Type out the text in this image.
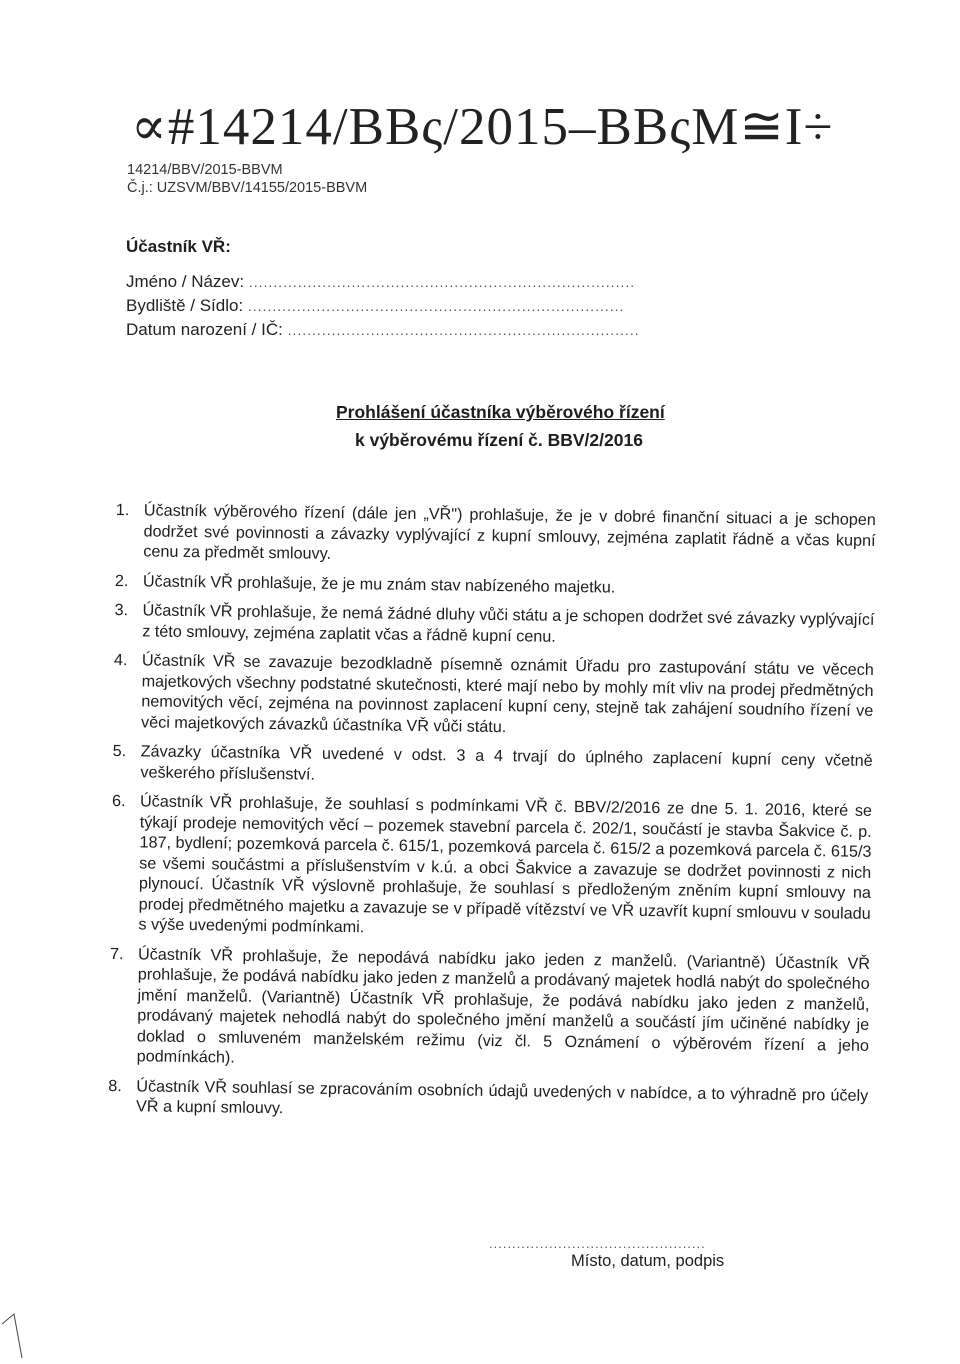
∝#14214/BBς/2015–BBςM≅I÷
14214/BBV/2015-BBVM
Č.j.: UZSVM/BBV/14155/2015-BBVM
Účastník VŘ:
Jméno / Název: ...............................................................................
Bydliště / Sídlo: .............................................................................
Datum narození / IČ: ........................................................................
Prohlášení účastníka výběrového řízení
k výběrovému řízení č. BBV/2/2016
1. Účastník výběrového řízení (dále jen „VŘ") prohlašuje, že je v dobré finanční situaci a je schopen dodržet své povinnosti a závazky vyplývající z kupní smlouvy, zejména zaplatit řádně a včas kupní cenu za předmět smlouvy.
2. Účastník VŘ prohlašuje, že je mu znám stav nabízeného majetku.
3. Účastník VŘ prohlašuje, že nemá žádné dluhy vůči státu a je schopen dodržet své závazky vyplývající z této smlouvy, zejména zaplatit včas a řádně kupní cenu.
4. Účastník VŘ se zavazuje bezodkladně písemně oznámit Úřadu pro zastupování státu ve věcech majetkových všechny podstatné skutečnosti, které mají nebo by mohly mít vliv na prodej předmětných nemovitých věcí, zejména na povinnost zaplacení kupní ceny, stejně tak zahájení soudního řízení ve věci majetkových závazků účastníka VŘ vůči státu.
5. Závazky účastníka VŘ uvedené v odst. 3 a 4 trvají do úplného zaplacení kupní ceny včetně veškerého příslušenství.
6. Účastník VŘ prohlašuje, že souhlasí s podmínkami VŘ č. BBV/2/2016 ze dne 5. 1. 2016, které se týkají prodeje nemovitých věcí – pozemek stavební parcela č. 202/1, součástí je stavba Šakvice č. p. 187, bydlení; pozemková parcela č. 615/1, pozemková parcela č. 615/2 a pozemková parcela č. 615/3 se všemi součástmi a příslušenstvím v k.ú. a obci Šakvice a zavazuje se dodržet povinnosti z nich plynoucí. Účastník VŘ výslovně prohlašuje, že souhlasí s předloženým zněním kupní smlouvy na prodej předmětného majetku a zavazuje se v případě vítězství ve VŘ uzavřít kupní smlouvu v souladu s výše uvedenými podmínkami.
7. Účastník VŘ prohlašuje, že nepodává nabídku jako jeden z manželů. (Variantně) Účastník VŘ prohlašuje, že podává nabídku jako jeden z manželů a prodávaný majetek hodlá nabýt do společného jmění manželů. (Variantně) Účastník VŘ prohlašuje, že podává nabídku jako jeden z manželů, prodávaný majetek nehodlá nabýt do společného jmění manželů a součástí jím učiněné nabídky je doklad o smluveném manželském režimu (viz čl. 5 Oznámení o výběrovém řízení a jeho podmínkách).
8. Účastník VŘ souhlasí se zpracováním osobních údajů uvedených v nabídce, a to výhradně pro účely VŘ a kupní smlouvy.
...............................................
Místo, datum, podpis
